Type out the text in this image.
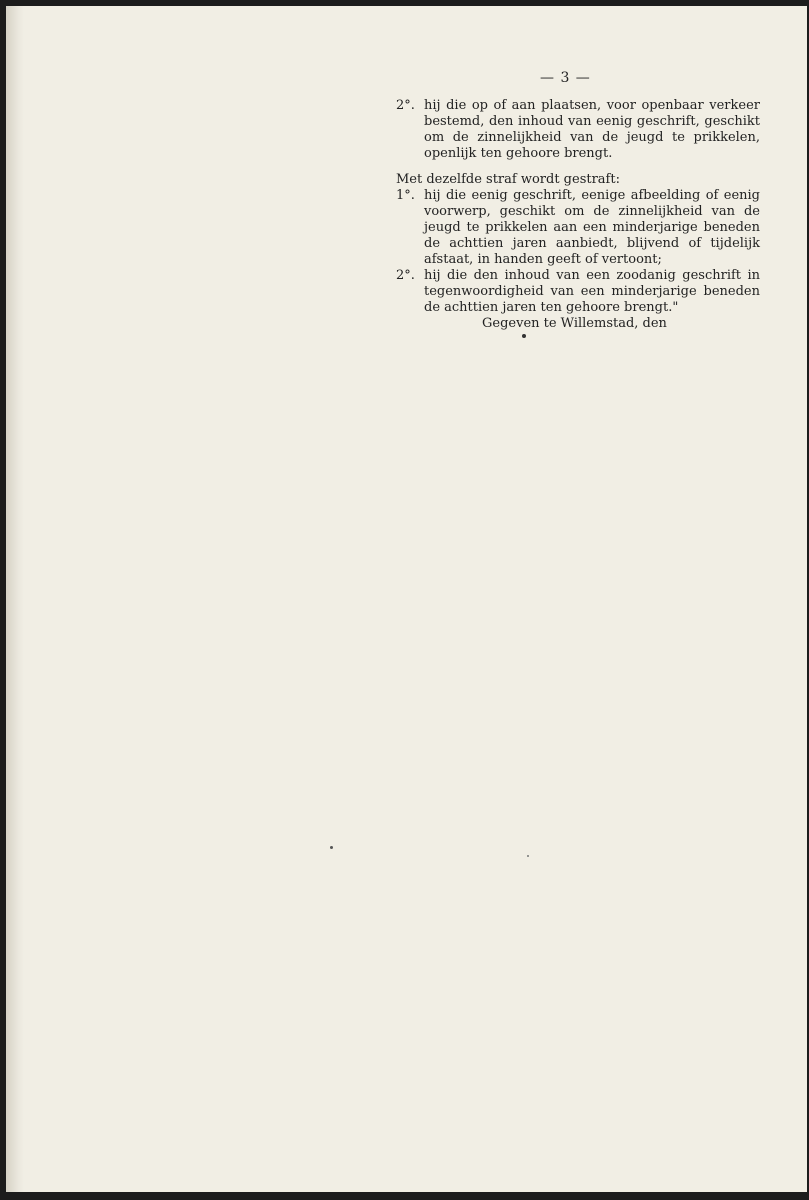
— 3 —
2°. hij die op of aan plaatsen, voor openbaar verkeer bestemd, den inhoud van eenig geschrift, geschikt om de zinnelijkheid van de jeugd te prikkelen, openlijk ten gehoore brengt.

Met dezelfde straf wordt gestraft:

1°. hij die eenig geschrift, eenige afbeelding of eenig voorwerp, geschikt om de zinnelijkheid van de jeugd te prikkelen aan een minderjarige beneden de achttien jaren aanbiedt, blijvend of tijdelijk afstaat, in handen geeft of vertoont;
2°. hij die den inhoud van een zoodanig geschrift in tegenwoordigheid van een minderjarige beneden de achttien jaren ten gehoore brengt."
Gegeven te Willemstad, den
